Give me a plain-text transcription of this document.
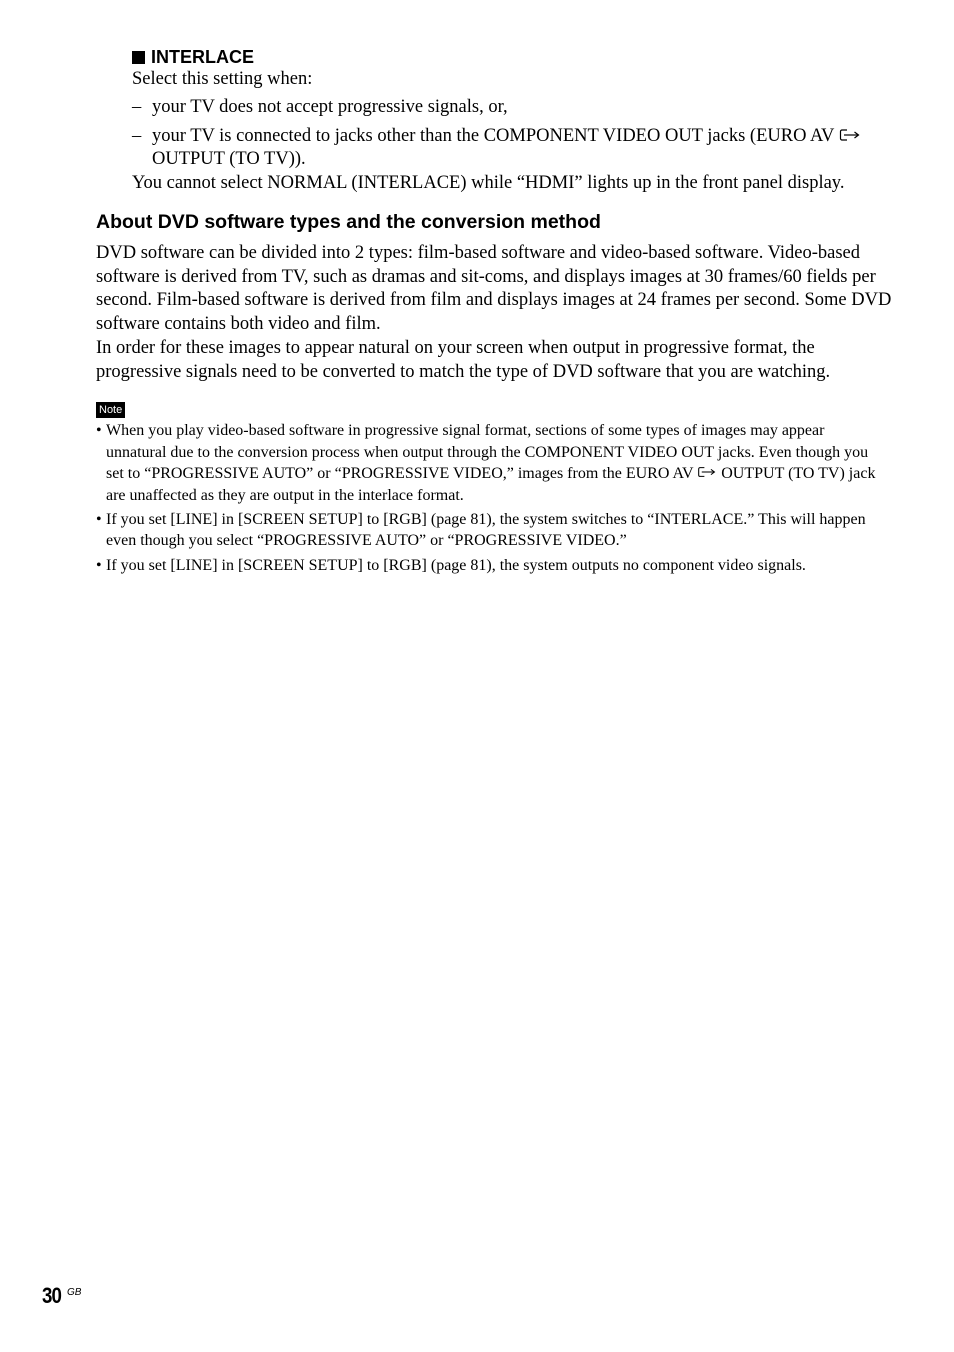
INTERLACE
Select this setting when:
– your TV does not accept progressive signals, or,
– your TV is connected to jacks other than the COMPONENT VIDEO OUT jacks (EURO AV  OUTPUT (TO TV)).
You cannot select NORMAL (INTERLACE) while “HDMI” lights up in the front panel display.
About DVD software types and the conversion method

DVD software can be divided into 2 types: film-based software and video-based software. Video-based software is derived from TV, such as dramas and sit-coms, and displays images at 30 frames/60 fields per second. Film-based software is derived from film and displays images at 24 frames per second. Some DVD software contains both video and film.

In order for these images to appear natural on your screen when output in progressive format, the progressive signals need to be converted to match the type of DVD software that you are watching.

Note
• When you play video-based software in progressive signal format, sections of some types of images may appear unnatural due to the conversion process when output through the COMPONENT VIDEO OUT jacks. Even though you set to “PROGRESSIVE AUTO” or “PROGRESSIVE VIDEO,” images from the EURO AV  OUTPUT (TO TV) jack are unaffected as they are output in the interlace format.
• If you set [LINE] in [SCREEN SETUP] to [RGB] (page 81), the system switches to “INTERLACE.” This will happen even though you select “PROGRESSIVE AUTO” or “PROGRESSIVE VIDEO.”
• If you set [LINE] in [SCREEN SETUP] to [RGB] (page 81), the system outputs no component video signals.
30 GB
